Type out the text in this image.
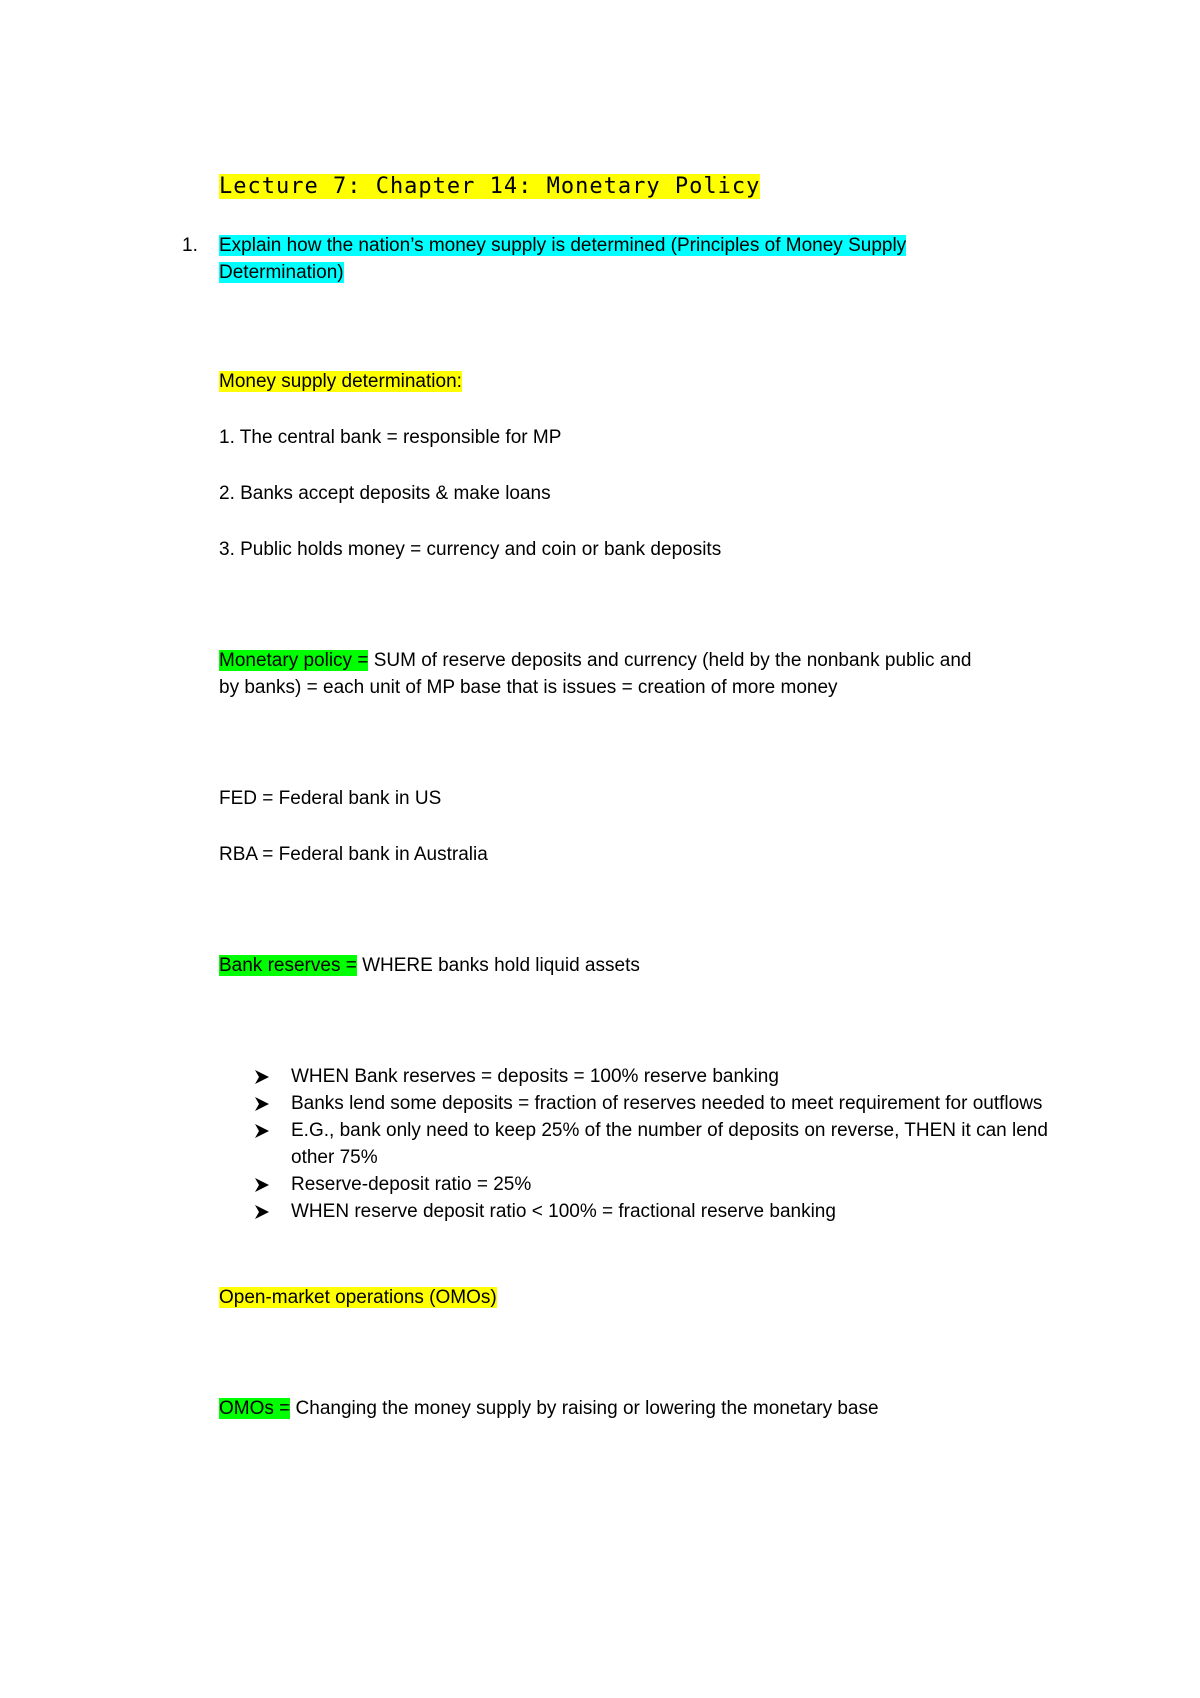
Lecture 7: Chapter 14: Monetary Policy
1. Explain how the nation’s money supply is determined (Principles of Money Supply
Determination)
Money supply determination:
1. The central bank = responsible for MP
2. Banks accept deposits & make loans
3. Public holds money = currency and coin or bank deposits
Monetary policy = SUM of reserve deposits and currency (held by the nonbank public and
by banks) = each unit of MP base that is issues = creation of more money
FED = Federal bank in US
RBA = Federal bank in Australia
Bank reserves = WHERE banks hold liquid assets
WHEN Bank reserves = deposits = 100% reserve banking
Banks lend some deposits = fraction of reserves needed to meet requirement for outflows
E.G., bank only need to keep 25% of the number of deposits on reverse, THEN it can lend other 75%
Reserve-deposit ratio = 25%
WHEN reserve deposit ratio < 100% = fractional reserve banking
Open-market operations (OMOs)
OMOs = Changing the money supply by raising or lowering the monetary base
